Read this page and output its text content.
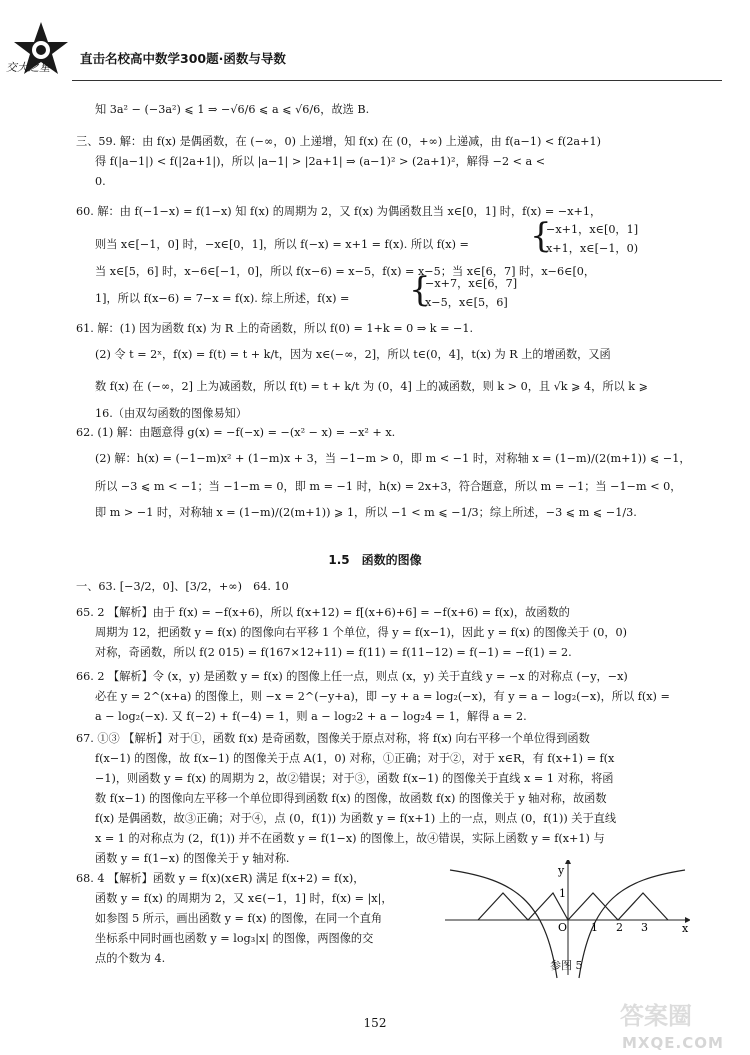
交大之星
直击名校高中数学300题·函数与导数
知 3a² − (−3a²) ⩽ 1 ⇒ −√6/6 ⩽ a ⩽ √6/6，故选 B.
三、59. 解：由 f(x) 是偶函数，在 (−∞，0) 上递增，知 f(x) 在 (0，+∞) 上递减，由 f(a−1) < f(2a+1)
得 f(|a−1|) < f(|2a+1|)，所以 |a−1| > |2a+1| ⇒ (a−1)² > (2a+1)²，解得 −2 < a <
0.
60. 解：由 f(−1−x) = f(1−x) 知 f(x) 的周期为 2，又 f(x) 为偶函数且当 x∈[0，1] 时，f(x) = −x+1，
则当 x∈[−1，0] 时，−x∈[0，1]，所以 f(−x) = x+1 = f(x). 所以 f(x) = {
−x+1，x∈[0，1]
x+1，x∈[−1，0)
当 x∈[5，6] 时，x−6∈[−1，0]，所以 f(x−6) = x−5，f(x) = x−5；当 x∈[6，7] 时，x−6∈[0，
1]，所以 f(x−6) = 7−x = f(x). 综上所述，f(x) = {
−x+7，x∈[6，7]
x−5，x∈[5，6]
61. 解：(1) 因为函数 f(x) 为 R 上的奇函数，所以 f(0) = 1+k = 0 ⇒ k = −1.
(2) 令 t = 2ˣ，f(x) = f(t) = t + k/t，因为 x∈(−∞，2]，所以 t∈(0，4]，t(x) 为 R 上的增函数，又函
数 f(x) 在 (−∞，2] 上为减函数，所以 f(t) = t + k/t 为 (0，4] 上的减函数，则 k > 0，且 √k ⩾ 4，所以 k ⩾
16.（由双勾函数的图像易知）
62. (1) 解：由题意得 g(x) = −f(−x) = −(x² − x) = −x² + x.
(2) 解：h(x) = (−1−m)x² + (1−m)x + 3，当 −1−m > 0，即 m < −1 时，对称轴 x = (1−m)/(2(m+1)) ⩽ −1，
所以 −3 ⩽ m < −1；当 −1−m = 0，即 m = −1 时，h(x) = 2x+3，符合题意，所以 m = −1；当 −1−m < 0，
即 m > −1 时，对称轴 x = (1−m)/(2(m+1)) ⩾ 1，所以 −1 < m ⩽ −1/3；综上所述，−3 ⩽ m ⩽ −1/3.
1.5　函数的图像
一、63. [−3/2，0]、[3/2，+∞)　64. 10
65. 2 【解析】由于 f(x) = −f(x+6)，所以 f(x+12) = f[(x+6)+6] = −f(x+6) = f(x)，故函数的
周期为 12，把函数 y = f(x) 的图像向右平移 1 个单位，得 y = f(x−1)，因此 y = f(x) 的图像关于 (0，0)
对称，奇函数，所以 f(2 015) = f(167×12+11) = f(11) = f(11−12) = f(−1) = −f(1) = 2.
66. 2 【解析】令 (x，y) 是函数 y = f(x) 的图像上任一点，则点 (x，y) 关于直线 y = −x 的对称点 (−y，−x)
必在 y = 2^(x+a) 的图像上，则 −x = 2^(−y+a)，即 −y + a = log₂(−x)，有 y = a − log₂(−x)，所以 f(x) =
a − log₂(−x). 又 f(−2) + f(−4) = 1，则 a − log₂2 + a − log₂4 = 1，解得 a = 2.
67. ①③ 【解析】对于①，函数 f(x) 是奇函数，图像关于原点对称，将 f(x) 向右平移一个单位得到函数
f(x−1) 的图像，故 f(x−1) 的图像关于点 A(1，0) 对称，①正确；对于②，对于 x∈R，有 f(x+1) = f(x
−1)，则函数 y = f(x) 的周期为 2，故②错误；对于③，函数 f(x−1) 的图像关于直线 x = 1 对称，将函
数 f(x−1) 的图像向左平移一个单位即得到函数 f(x) 的图像，故函数 f(x) 的图像关于 y 轴对称，故函数
f(x) 是偶函数，故③正确；对于④，点 (0，f(1)) 为函数 y = f(x+1) 上的一点，则点 (0，f(1)) 关于直线
x = 1 的对称点为 (2，f(1)) 并不在函数 y = f(1−x) 的图像上，故④错误，实际上函数 y = f(x+1) 与
函数 y = f(1−x) 的图像关于 y 轴对称.
68. 4 【解析】函数 y = f(x)(x∈R) 满足 f(x+2) = f(x)，
函数 y = f(x) 的周期为 2，又 x∈(−1，1] 时，f(x) = |x|，
如参图 5 所示，画出函数 y = f(x) 的图像，在同一个直角
坐标系中同时画也函数 y = log₃|x| 的图像，两图像的交
点的个数为 4.
y
x
O 1 2 3
1
参图 5
152	答案圈
MXQE.COM
